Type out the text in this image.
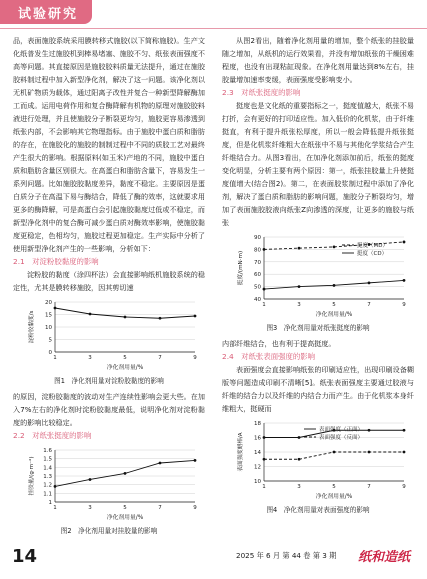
试验研究

品，表面施胶系统采用膜转移式施胶(以下简称施胶)。生产文化纸普发生过施胶机到棒易堵塞、施胶不匀、纸张表面强度不高等问题。其直接原因是施胶胶料质量无法提升，通过在施胶胶料制过程中加入新型净化剂，解决了这一问题。该净化剂以无机矿物质为载体，通过阳离子改性并复合一种新型降解酶加工而成。运用电荷作用和复合酶降解有机物的原理对施胶胶料液进行处理，并且使施胶分子断裂更均匀，施胶更容易渗透到纸张内部，不会影响其它物理指标。由于施胶中蛋白质和脂肪的存在，在施胶化的施胶的制制过程中不同的质胶工艺对最终产生很大的影响。根据原料(如玉米)产地的不同，施胶中蛋白质和脂肪含量区别很大。在高蛋白和脂肪含量下，容易发生一系列问题。比如施胶胶黏度差异，黏度不稳定。主要原因是蛋白质分子在高温下易与酶结合，降低了酶的效率，这就要求用更多的酶降解，可是高蛋白会引起施胶黏度过低或不稳定，而新型净化剂中的复合酶可减少蛋白质对酶效率影响，使施胶黏度更稳定，色相均匀，施胶过程更加稳定。生产实际中分析了使用新型净化剂产生的一些影响，分析如下：

2.1　对淀粉胶黏度的影响

淀粉胶的黏度（涂四杯法）会直接影响纸机施胶系统的稳定性，尤其是膜转移施胶，因其剪切速

0
5
10
15
20
1	3	5	7	9
净化剂用量/%
淀粉胶黏度/s
图1　净化剂用量对淀粉胶黏度的影响

的原因，淀粉胶黏度的波动对生产连续性影响会更大些。在加入7%左右的净化剂时淀粉胶黏度最低，说明净化剂对淀粉黏度的影响比较稳定。

2.2　对纸张挺度的影响

1
1.1
1.2
1.3
1.4
1.5
1.6
1	3	5	7	9
净化剂用量/%
挂胶量/(g·m⁻²)
图2　净化剂用量对挂胶量的影响

从图2看出，随着净化剂用量的增加，整个纸张的挂胶量随之增加，从纸机的运行效果看，并没有增加纸张的干燥困难程度，也没有出现粘缸现象。在净化剂用量达到8%左右，挂胶量增加速率变缓，表面强度受影响变小。

2.3　对纸张挺度的影响

挺度也是文化纸的重要指标之一，挺度值越大，纸张不易打折，会有更好的打印适应性。加入低价的化机浆，由于纤维挺直，有利于提升纸张松厚度，所以一般会降低提升纸张挺度，但是化机浆纤维粗大在纸张中不易与其他化学浆结合产生纤维结合力。从图3看出，在加净化剂添加前后，纸张的挺度变化明显，分析主要有两个原因：第一，纸张挂胶量上升使挺度值增大(结合图2)。第二，在表面胶浆制过程中添加了净化剂，解决了蛋白质和脂肪的影响问题，施胶分子断裂均匀，增加了表面施胶胶液向纸张Z向渗透的深度，让更多的施胶与纸张

40
50
60
70
80
90
1	3	5	7	9
净化剂用量/%
挺度/(mN·m)
挺度（MD）
挺度（CD）
图3　净化剂用量对纸张挺度的影响

内部纤维结合，也有利于提高挺度。

2.4　对纸张表面强度的影响

表面强度会直接影响纸张的印刷适应性，出现印刷设备糊版等问题造成印刷不清晰[5]。纸张表面强度主要通过胶液与纤维的结合力以及纤维的内结合力而产生。由于化机浆本身纤维粗大，挺硬而

10
12
14
16
18
1	3	5	7	9
净化剂用量/%
表面强度蜡棒/A
表面强度（正面）
表面强度（反面）
图4　净化剂用量对表面强度的影响
14	2025 年 6 月 第 44 卷 第 3 期 纸和造纸
